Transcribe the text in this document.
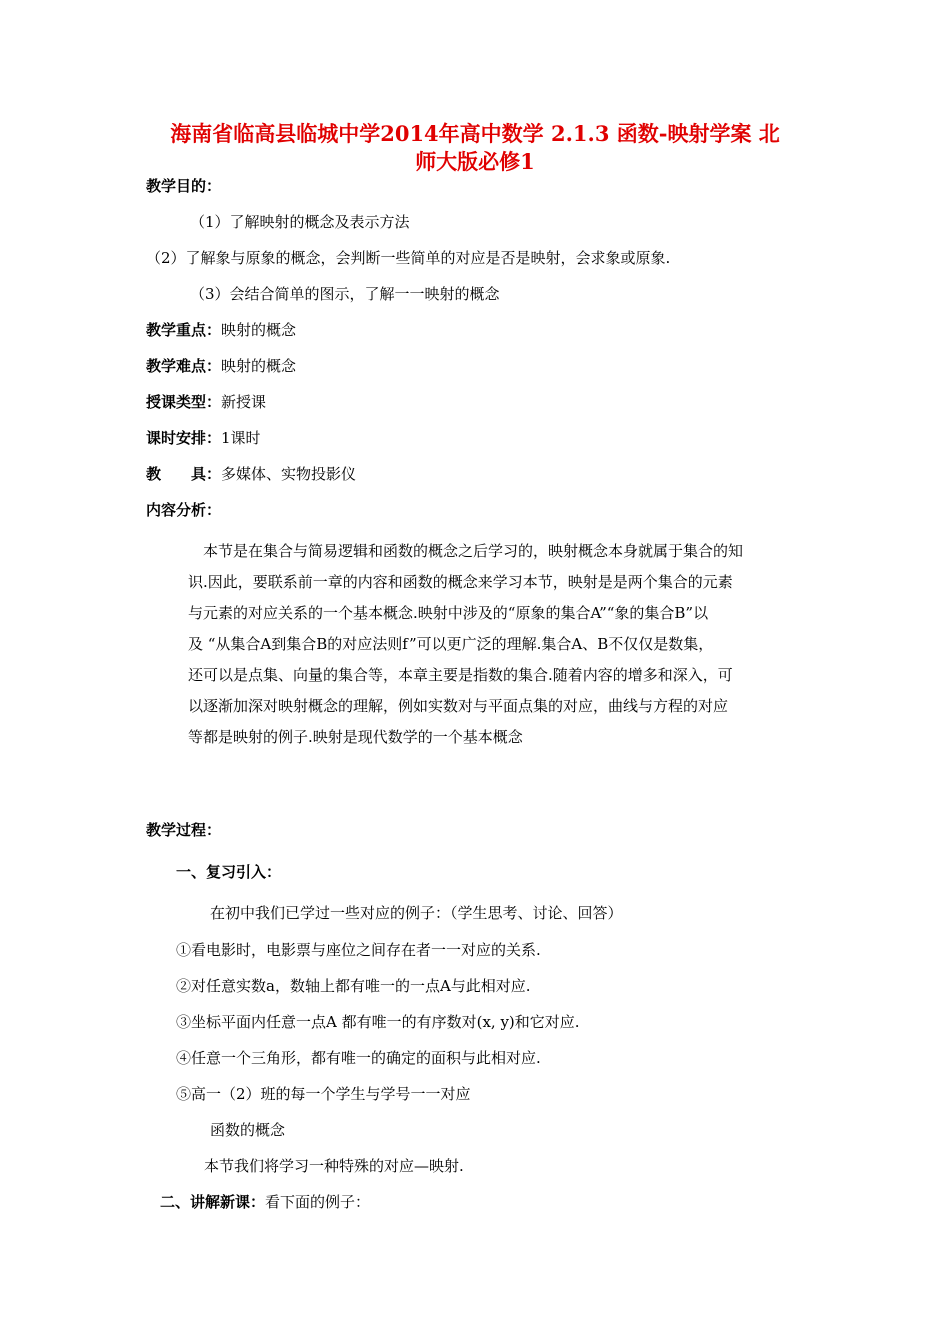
海南省临高县临城中学2014年高中数学 2.1.3 函数-映射学案 北
师大版必修1
教学目的：
（1）了解映射的概念及表示方法
（2）了解象与原象的概念，会判断一些简单的对应是否是映射，会求象或原象.
（3）会结合简单的图示，了解一一映射的概念
教学重点：映射的概念
教学难点：映射的概念
授课类型：新授课
课时安排：1课时
教　　具：多媒体、实物投影仪
内容分析：
本节是在集合与简易逻辑和函数的概念之后学习的，映射概念本身就属于集合的知
识.因此，要联系前一章的内容和函数的概念来学习本节，映射是是两个集合的元素
与元素的对应关系的一个基本概念.映射中涉及的“原象的集合A”“象的集合B”以
及 “从集合A到集合B的对应法则f”可以更广泛的理解.集合A、B不仅仅是数集，
还可以是点集、向量的集合等，本章主要是指数的集合.随着内容的增多和深入，可
以逐渐加深对映射概念的理解，例如实数对与平面点集的对应，曲线与方程的对应
等都是映射的例子.映射是现代数学的一个基本概念
教学过程：
一、复习引入：
在初中我们已学过一些对应的例子：（学生思考、讨论、回答）
①看电影时，电影票与座位之间存在者一一对应的关系.
②对任意实数a，数轴上都有唯一的一点A与此相对应.
③坐标平面内任意一点A 都有唯一的有序数对(x, y)和它对应.
④任意一个三角形，都有唯一的确定的面积与此相对应.
⑤高一（2）班的每一个学生与学号一一对应
函数的概念
本节我们将学习一种特殊的对应—映射.
二、讲解新课：看下面的例子：
